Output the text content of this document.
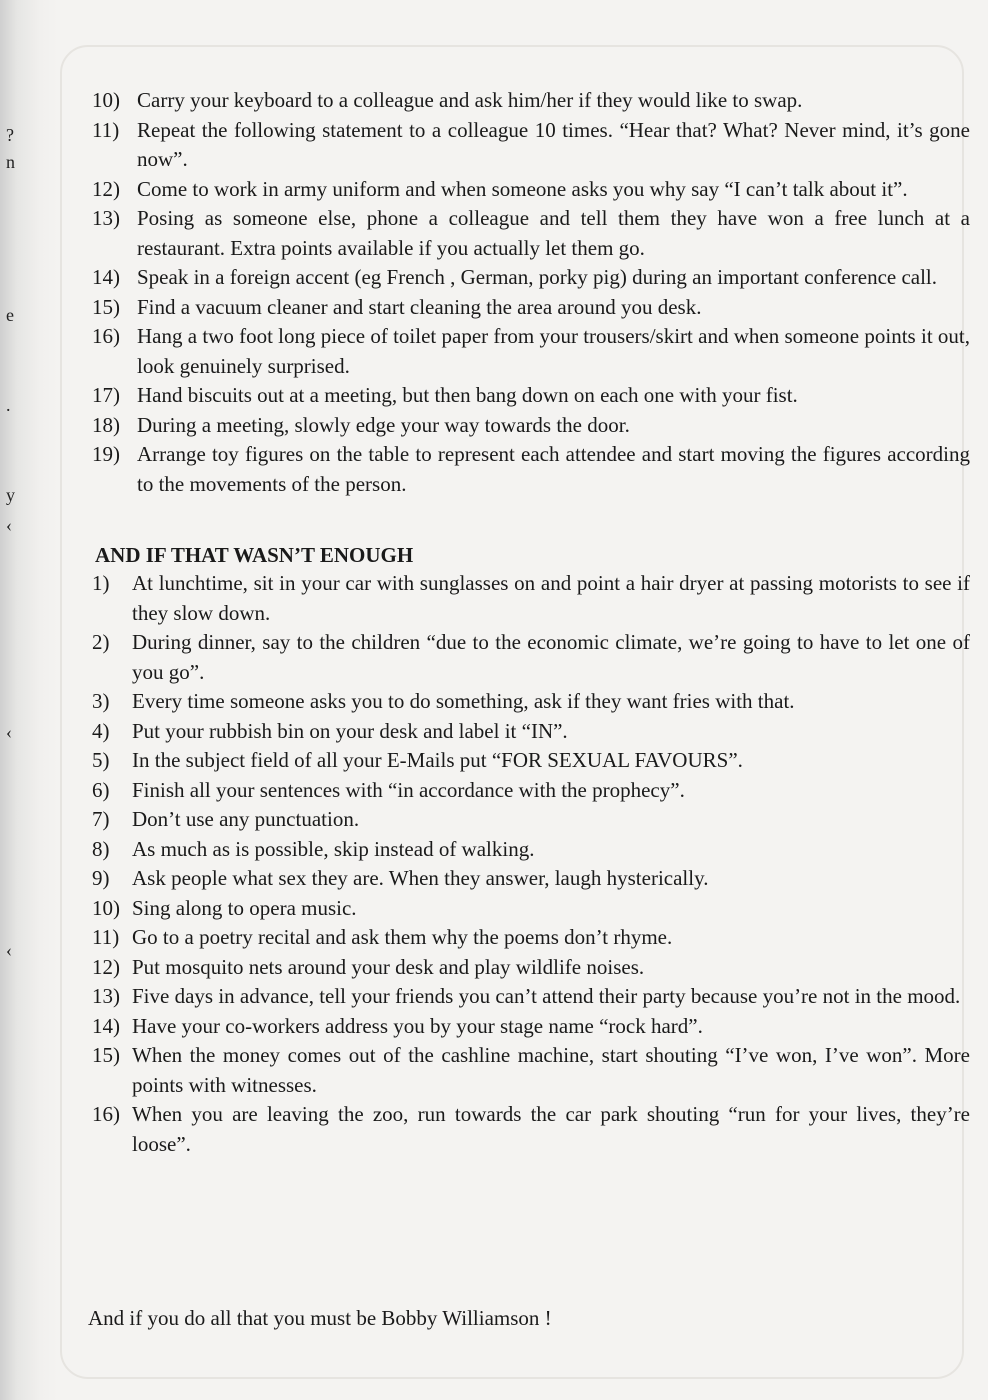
?
n
e
.
y
‹
‹
‹
10) Carry your keyboard to a colleague and ask him/her if they would like to swap.
11) Repeat the following statement to a colleague 10 times. “Hear that? What? Never mind, it’s gone now”.
12) Come to work in army uniform and when someone asks you why say “I can’t talk about it”.
13) Posing as someone else, phone a colleague and tell them they have won a free lunch at a restaurant. Extra points available if you actually let them go.
14) Speak in a foreign accent (eg French , German, porky pig) during an important conference call.
15) Find a vacuum cleaner and start cleaning the area around you desk.
16) Hang a two foot long piece of toilet paper from your trousers/skirt and when someone points it out, look genuinely surprised.
17) Hand biscuits out at a meeting, but then bang down on each one with your fist.
18) During a meeting, slowly edge your way towards the door.
19) Arrange toy figures on the table to represent each attendee and start moving the figures according to the movements of the person.
AND IF THAT WASN’T ENOUGH
1) At lunchtime, sit in your car with sunglasses on and point a hair dryer at passing motorists to see if they slow down.
2) During dinner, say to the children “due to the economic climate, we’re going to have to let one of you go”.
3) Every time someone asks you to do something, ask if they want fries with that.
4) Put your rubbish bin on your desk and label it “IN”.
5) In the subject field of all your E-Mails put “FOR SEXUAL FAVOURS”.
6) Finish all your sentences with “in accordance with the prophecy”.
7) Don’t use any punctuation.
8) As much as is possible, skip instead of walking.
9) Ask people what sex they are. When they answer, laugh hysterically.
10) Sing along to opera music.
11) Go to a poetry recital and ask them why the poems don’t rhyme.
12) Put mosquito nets around your desk and play wildlife noises.
13) Five days in advance, tell your friends you can’t attend their party because you’re not in the mood.
14) Have your co-workers address you by your stage name “rock hard”.
15) When the money comes out of the cashline machine, start shouting “I’ve won, I’ve won”. More points with witnesses.
16) When you are leaving the zoo, run towards the car park shouting “run for your lives, they’re loose”.
And if you do all that you must be Bobby Williamson !
